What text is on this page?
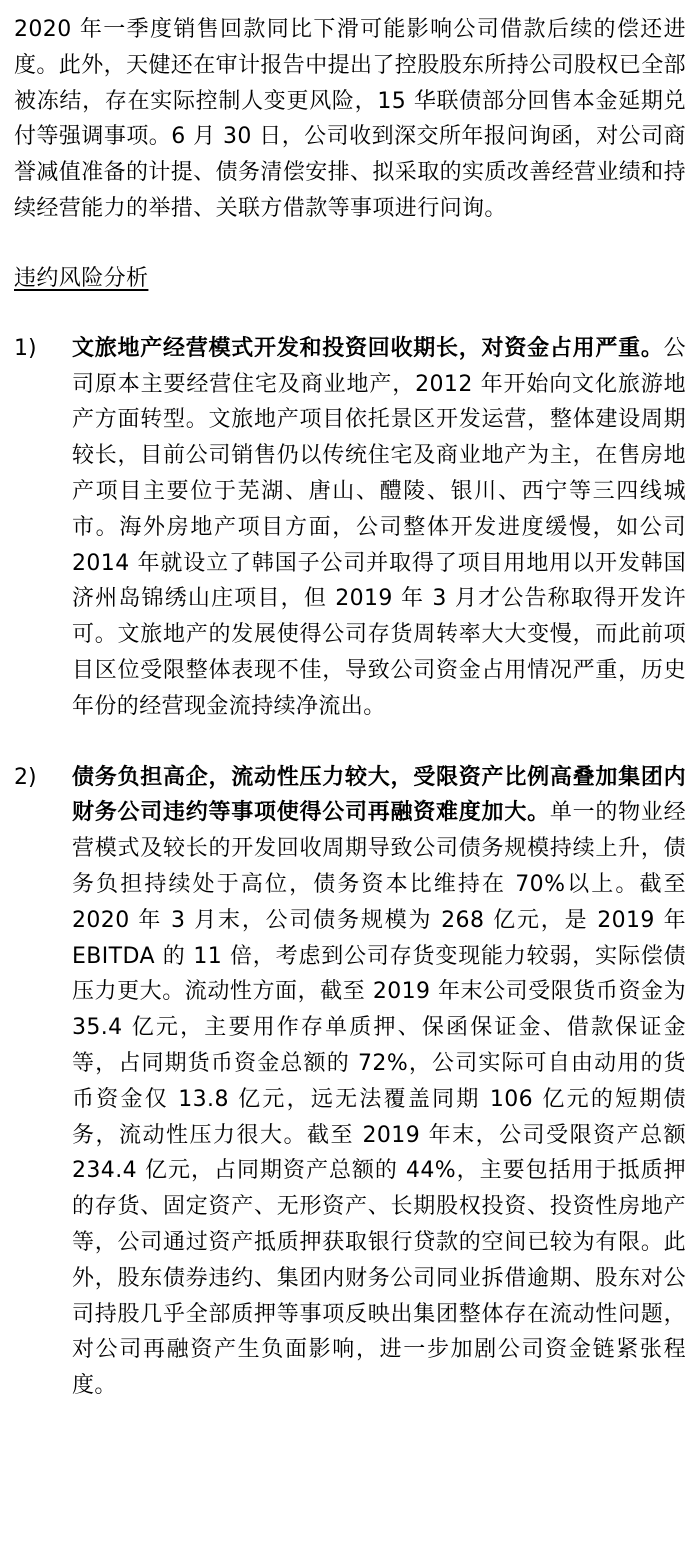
2020 年一季度销售回款同比下滑可能影响公司借款后续的偿还进度。此外，天健还在审计报告中提出了控股股东所持公司股权已全部被冻结，存在实际控制人变更风险，15 华联债部分回售本金延期兑付等强调事项。6 月 30 日，公司收到深交所年报问询函，对公司商誉减值准备的计提、债务清偿安排、拟采取的实质改善经营业绩和持续经营能力的举措、关联方借款等事项进行问询。

违约风险分析
1)	文旅地产经营模式开发和投资回收期长，对资金占用严重。公司原本主要经营住宅及商业地产，2012 年开始向文化旅游地产方面转型。文旅地产项目依托景区开发运营，整体建设周期较长，目前公司销售仍以传统住宅及商业地产为主，在售房地产项目主要位于芜湖、唐山、醴陵、银川、西宁等三四线城市。海外房地产项目方面，公司整体开发进度缓慢，如公司 2014 年就设立了韩国子公司并取得了项目用地用以开发韩国济州岛锦绣山庄项目，但 2019 年 3 月才公告称取得开发许可。文旅地产的发展使得公司存货周转率大大变慢，而此前项目区位受限整体表现不佳，导致公司资金占用情况严重，历史年份的经营现金流持续净流出。
2)	债务负担高企，流动性压力较大，受限资产比例高叠加集团内财务公司违约等事项使得公司再融资难度加大。单一的物业经营模式及较长的开发回收周期导致公司债务规模持续上升，债务负担持续处于高位，债务资本比维持在 70%以上。截至 2020 年 3 月末，公司债务规模为 268 亿元，是 2019 年 EBITDA 的 11 倍，考虑到公司存货变现能力较弱，实际偿债压力更大。流动性方面，截至 2019 年末公司受限货币资金为 35.4 亿元，主要用作存单质押、保函保证金、借款保证金等，占同期货币资金总额的 72%，公司实际可自由动用的货币资金仅 13.8 亿元，远无法覆盖同期 106 亿元的短期债务，流动性压力很大。截至 2019 年末，公司受限资产总额 234.4 亿元，占同期资产总额的 44%，主要包括用于抵质押的存货、固定资产、无形资产、长期股权投资、投资性房地产等，公司通过资产抵质押获取银行贷款的空间已较为有限。此外，股东债券违约、集团内财务公司同业拆借逾期、股东对公司持股几乎全部质押等事项反映出集团整体存在流动性问题，对公司再融资产生负面影响，进一步加剧公司资金链紧张程度。
